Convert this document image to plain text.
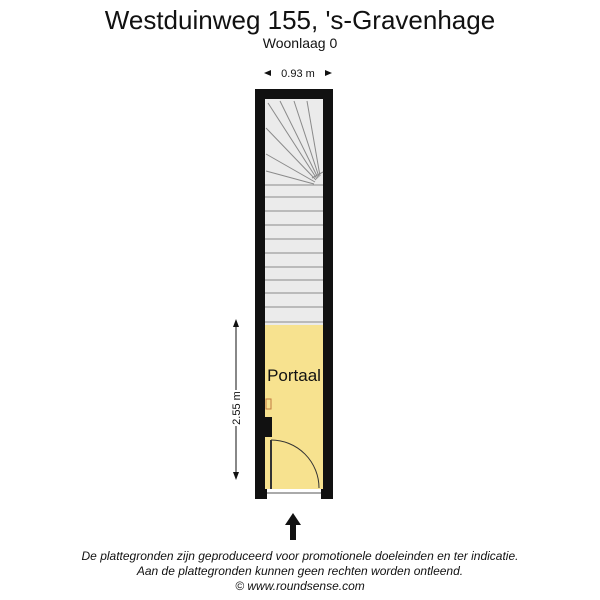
Westduinweg 155, 's-Gravenhage
Woonlaag 0
0.93 m
2.55 m
Portaal
De plattegronden zijn geproduceerd voor promotionele doeleinden en ter indicatie.
Aan de plattegronden kunnen geen rechten worden ontleend.
© www.roundsense.com
